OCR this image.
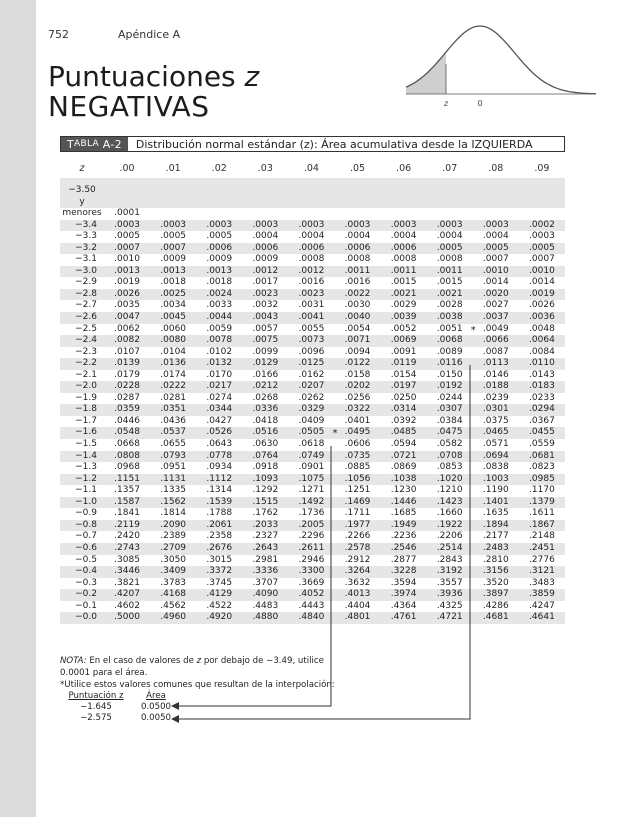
752	Apéndice A
Puntuaciones z
NEGATIVAS	z	0
T ABLA
A-2	Distribución normal estándar (z): Área acumulativa desde la IZQUIERDA
z	.00	.01	.02	.03	.04	.05	.06	.07	.08	.09

−3.50										
y										
menores	.0001									
−3.4	.0003	.0003	.0003	.0003	.0003	.0003	.0003	.0003	.0003	.0002
−3.3	.0005	.0005	.0005	.0004	.0004	.0004	.0004	.0004	.0004	.0003
−3.2	.0007	.0007	.0006	.0006	.0006	.0006	.0006	.0005	.0005	.0005
−3.1	.0010	.0009	.0009	.0009	.0008	.0008	.0008	.0008	.0007	.0007
−3.0	.0013	.0013	.0013	.0012	.0012	.0011	.0011	.0011	.0010	.0010
−2.9	.0019	.0018	.0018	.0017	.0016	.0016	.0015	.0015	.0014	.0014
−2.8	.0026	.0025	.0024	.0023	.0023	.0022	.0021	.0021	.0020	.0019
−2.7	.0035	.0034	.0033	.0032	.0031	.0030	.0029	.0028	.0027	.0026
−2.6	.0047	.0045	.0044	.0043	.0041	.0040	.0039	.0038	.0037	.0036
−2.5	.0062	.0060	.0059	.0057	.0055	.0054	.0052	.0051	* .0049	.0048
−2.4	.0082	.0080	.0078	.0075	.0073	.0071	.0069	.0068	.0066	.0064
−2.3	.0107	.0104	.0102	.0099	.0096	.0094	.0091	.0089	.0087	.0084
−2.2	.0139	.0136	.0132	.0129	.0125	.0122	.0119	.0116	.0113	.0110
−2.1	.0179	.0174	.0170	.0166	.0162	.0158	.0154	.0150	.0146	.0143
−2.0	.0228	.0222	.0217	.0212	.0207	.0202	.0197	.0192	.0188	.0183
−1.9	.0287	.0281	.0274	.0268	.0262	.0256	.0250	.0244	.0239	.0233
−1.8	.0359	.0351	.0344	.0336	.0329	.0322	.0314	.0307	.0301	.0294
−1.7	.0446	.0436	.0427	.0418	.0409	.0401	.0392	.0384	.0375	.0367
−1.6	.0548	.0537	.0526	.0516	.0505	* .0495	.0485	.0475	.0465	.0455
−1.5	.0668	.0655	.0643	.0630	.0618	.0606	.0594	.0582	.0571	.0559
−1.4	.0808	.0793	.0778	.0764	.0749	.0735	.0721	.0708	.0694	.0681
−1.3	.0968	.0951	.0934	.0918	.0901	.0885	.0869	.0853	.0838	.0823
−1.2	.1151	.1131	.1112	.1093	.1075	.1056	.1038	.1020	.1003	.0985
−1.1	.1357	.1335	.1314	.1292	.1271	.1251	.1230	.1210	.1190	.1170
−1.0	.1587	.1562	.1539	.1515	.1492	.1469	.1446	.1423	.1401	.1379
−0.9	.1841	.1814	.1788	.1762	.1736	.1711	.1685	.1660	.1635	.1611
−0.8	.2119	.2090	.2061	.2033	.2005	.1977	.1949	.1922	.1894	.1867
−0.7	.2420	.2389	.2358	.2327	.2296	.2266	.2236	.2206	.2177	.2148
−0.6	.2743	.2709	.2676	.2643	.2611	.2578	.2546	.2514	.2483	.2451
−0.5	.3085	.3050	.3015	.2981	.2946	.2912	.2877	.2843	.2810	.2776
−0.4	.3446	.3409	.3372	.3336	.3300	.3264	.3228	.3192	.3156	.3121
−0.3	.3821	.3783	.3745	.3707	.3669	.3632	.3594	.3557	.3520	.3483
−0.2	.4207	.4168	.4129	.4090	.4052	.4013	.3974	.3936	.3897	.3859
−0.1	.4602	.4562	.4522	.4483	.4443	.4404	.4364	.4325	.4286	.4247
−0.0	.5000	.4960	.4920	.4880	.4840	.4801	.4761	.4721	.4681	.4641
NOTA: En el caso de valores de z por debajo de −3.49, utilice
0.0001 para el área.
*Utilice estos valores comunes que resultan de la interpolación:
Puntuación z	Área
−1.645	0.0500
−2.575	0.0050
